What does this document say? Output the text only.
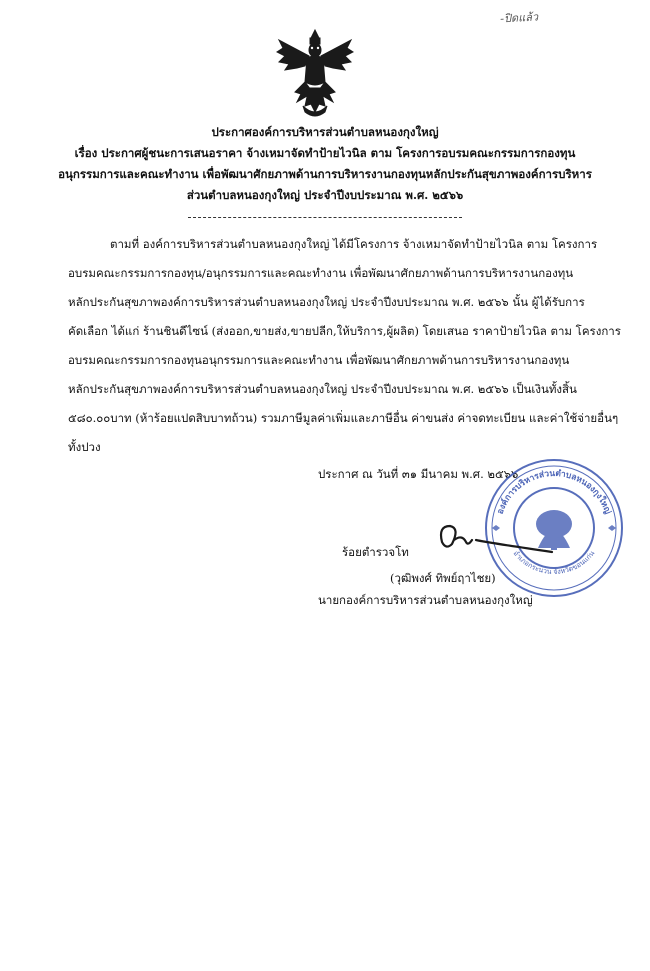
-ปิดแล้ว
ประกาศองค์การบริหารส่วนตำบลหนองกุงใหญ่
เรื่อง ประกาศผู้ชนะการเสนอราคา จ้างเหมาจัดทำป้ายไวนิล ตาม โครงการอบรมคณะกรรมการกองทุน
อนุกรรมการและคณะทำงาน เพื่อพัฒนาศักยภาพด้านการบริหารงานกองทุนหลักประกันสุขภาพองค์การบริหาร
ส่วนตำบลหนองกุงใหญ่ ประจำปีงบประมาณ พ.ศ. ๒๕๖๖
ตามที่ องค์การบริหารส่วนตำบลหนองกุงใหญ่ ได้มีโครงการ จ้างเหมาจัดทำป้ายไวนิล ตาม โครงการ
อบรมคณะกรรมการกองทุน/อนุกรรมการและคณะทำงาน เพื่อพัฒนาศักยภาพด้านการบริหารงานกองทุน
หลักประกันสุขภาพองค์การบริหารส่วนตำบลหนองกุงใหญ่ ประจำปีงบประมาณ พ.ศ. ๒๕๖๖ นั้น ผู้ได้รับการ
คัดเลือก ได้แก่ ร้านชินดีไซน์ (ส่งออก,ขายส่ง,ขายปลีก,ให้บริการ,ผู้ผลิต) โดยเสนอ ราคาป้ายไวนิล ตาม โครงการ
อบรมคณะกรรมการกองทุนอนุกรรมการและคณะทำงาน เพื่อพัฒนาศักยภาพด้านการบริหารงานกองทุน
หลักประกันสุขภาพองค์การบริหารส่วนตำบลหนองกุงใหญ่ ประจำปีงบประมาณ พ.ศ. ๒๕๖๖ เป็นเงินทั้งสิ้น
๕๘๐.๐๐บาท (ห้าร้อยแปดสิบบาทถ้วน) รวมภาษีมูลค่าเพิ่มและภาษีอื่น ค่าขนส่ง ค่าจดทะเบียน และค่าใช้จ่ายอื่นๆ
ทั้งปวง
ประกาศ ณ วันที่ ๓๑ มีนาคม พ.ศ. ๒๕๖๖
องค์การบริหารส่วนตำบลหนองกุงใหญ่
อำเภอกระนวน จังหวัดขอนแก่น
ร้อยตำรวจโท
(วุฒิพงศ์ ทิพย์ฤาไชย)
นายกองค์การบริหารส่วนตำบลหนองกุงใหญ่
